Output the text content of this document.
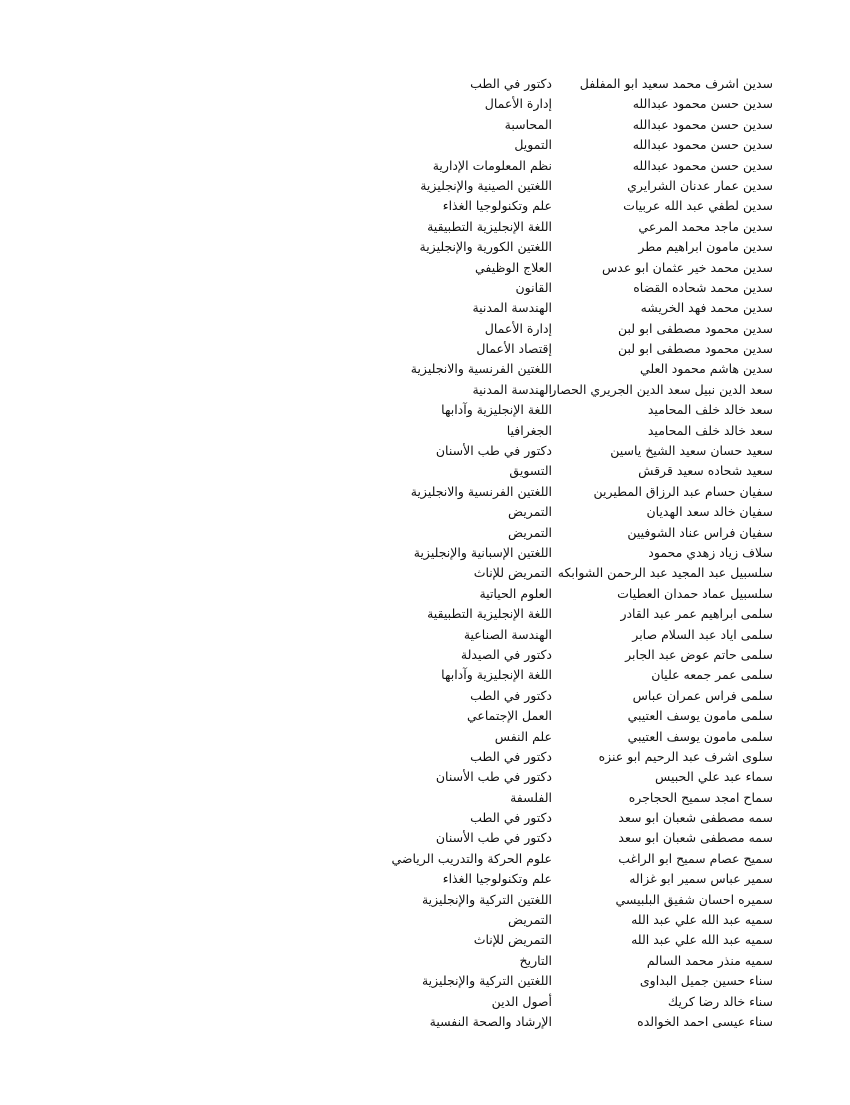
سدين اشرف محمد سعيد ابو المفلفل
دكتور في الطب
سدين حسن محمود عبدالله
إدارة الأعمال
سدين حسن محمود عبدالله
المحاسبة
سدين حسن محمود عبدالله
التمويل
سدين حسن محمود عبدالله
نظم المعلومات الإدارية
سدين عمار عدنان الشرايري
اللغتين الصينية والإنجليزية
سدين لطفي عبد الله عربيات
علم وتكنولوجيا الغذاء
سدين ماجد محمد المرعي
اللغة الإنجليزية التطبيقية
سدين مامون ابراهيم مطر
اللغتين الكورية والإنجليزية
سدين محمد خير عثمان ابو عدس
العلاج الوظيفي
سدين محمد شحاده القضاه
القانون
سدين محمد فهد الخريشه
الهندسة المدنية
سدين محمود مصطفى ابو لبن
إدارة الأعمال
سدين محمود مصطفى ابو لبن
إقتصاد الأعمال
سدين هاشم محمود العلي
اللغتين الفرنسية والانجليزية
سعد الدين نبيل سعد الدين الجريري الحصار
الهندسة المدنية
سعد خالد خلف المحاميد
اللغة الإنجليزية وآدابها
سعد خالد خلف المحاميد
الجغرافيا
سعيد حسان سعيد الشيخ ياسين
دكتور في طب الأسنان
سعيد شحاده سعيد قرقش
التسويق
سفيان حسام عبد الرزاق المطيرين
اللغتين الفرنسية والانجليزية
سفيان خالد سعد الهديان
التمريض
سفيان فراس عناد الشوفيين
التمريض
سلاف زياد زهدي محمود
اللغتين الإسبانية والإنجليزية
سلسبيل عبد المجيد عبد الرحمن الشوابكه
التمريض للإناث
سلسبيل عماد حمدان العطيات
العلوم الحياتية
سلمى ابراهيم عمر عبد القادر
اللغة الإنجليزية التطبيقية
سلمى اياد عبد السلام صابر
الهندسة الصناعية
سلمى حاتم عوض عبد الجابر
دكتور في الصيدلة
سلمى عمر جمعه عليان
اللغة الإنجليزية وآدابها
سلمى فراس عمران عباس
دكتور في الطب
سلمى مامون يوسف العتيبي
العمل الإجتماعي
سلمى مامون يوسف العتيبي
علم النفس
سلوى اشرف عبد الرحيم ابو عنزه
دكتور في الطب
سماء عبد علي الحبيس
دكتور في طب الأسنان
سماح امجد سميح الحجاجره
الفلسفة
سمه مصطفى شعبان ابو سعد
دكتور في الطب
سمه مصطفى شعبان ابو سعد
دكتور في طب الأسنان
سميح عصام سميح ابو الراغب
علوم الحركة والتدريب الرياضي
سمير عباس سمير ابو غزاله
علم وتكنولوجيا الغذاء
سميره احسان شفيق البلبيسي
اللغتين التركية والإنجليزية
سميه عبد الله علي عبد الله
التمريض
سميه عبد الله علي عبد الله
التمريض للإناث
سميه منذر محمد السالم
التاريخ
سناء حسين جميل البداوى
اللغتين التركية والإنجليزية
سناء خالد رضا كريك
أصول الدين
سناء عيسى احمد الخوالده
الإرشاد والصحة النفسية
